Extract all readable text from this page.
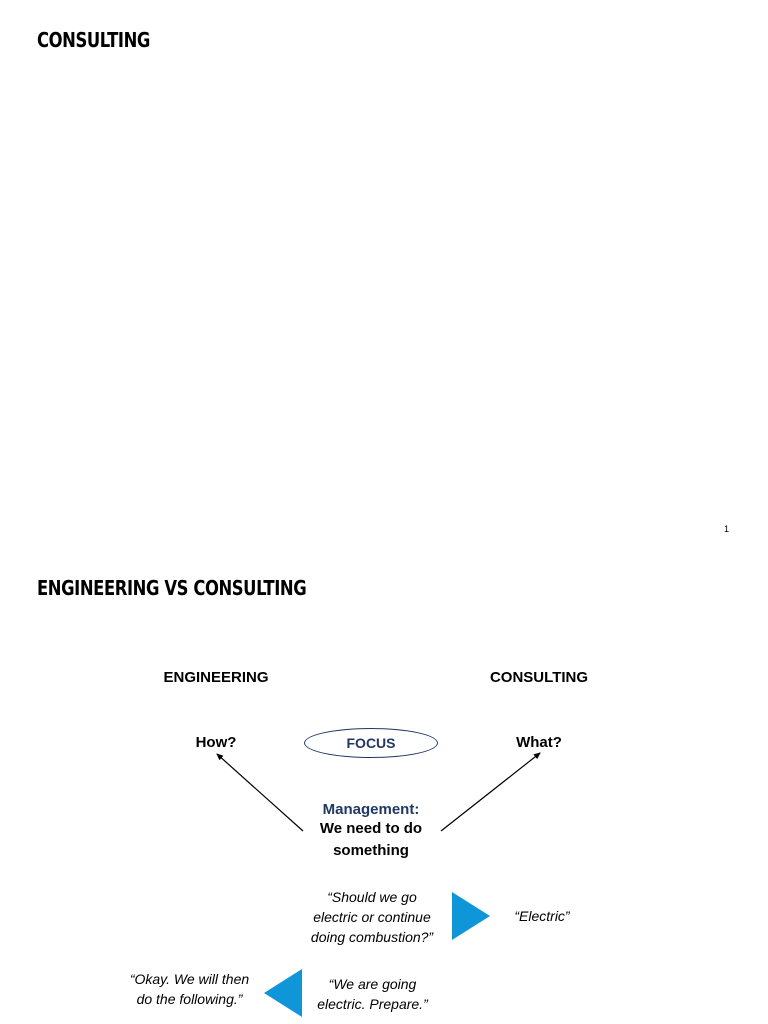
CONSULTING
1
ENGINEERING VS CONSULTING
ENGINEERING	CONSULTING
How?	What?
FOCUS
Management:
We need to do
something
“Should we go
electric or continue
doing combustion?”
“Electric”
“We are going
electric. Prepare.”
“Okay. We will then
do the following.”
